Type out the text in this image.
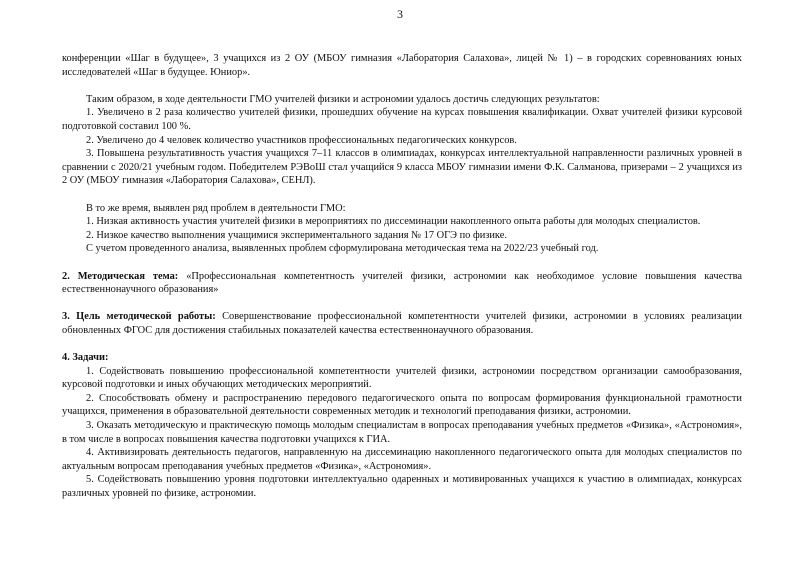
3

конференции «Шаг в будущее», 3 учащихся из 2 ОУ (МБОУ гимназия «Лаборатория Салахова», лицей № 1) – в городских соревнованиях юных исследователей «Шаг в будущее. Юниор».

Таким образом, в ходе деятельности ГМО учителей физики и астрономии удалось достичь следующих результатов:

1. Увеличено в 2 раза количество учителей физики, прошедших обучение на курсах повышения квалификации. Охват учителей физики курсовой подготовкой составил 100 %.

2. Увеличено до 4 человек количество участников профессиональных педагогических конкурсов.

3. Повышена результативность участия учащихся 7–11 классов в олимпиадах, конкурсах интеллектуальной направленности различных уровней в сравнении с 2020/21 учебным годом. Победителем РЭВоШ стал учащийся 9 класса МБОУ гимназии имени Ф.К. Салманова, призерами – 2 учащихся из 2 ОУ (МБОУ гимназия «Лаборатория Салахова», СЕНЛ).

В то же время, выявлен ряд проблем в деятельности ГМО:

1. Низкая активность участия учителей физики в мероприятиях по диссеминации накопленного опыта работы для молодых специалистов.

2. Низкое качество выполнения учащимися экспериментального задания № 17 ОГЭ по физике.

С учетом проведенного анализа, выявленных проблем сформулирована методическая тема на 2022/23 учебный год.

2. Методическая тема: «Профессиональная компетентность учителей физики, астрономии как необходимое условие повышения качества естественнонаучного образования»

3. Цель методической работы: Совершенствование профессиональной компетентности учителей физики, астрономии в условиях реализации обновленных ФГОС для достижения стабильных показателей качества естественнонаучного образования.

4. Задачи:

1. Содействовать повышению профессиональной компетентности учителей физики, астрономии посредством организации самообразования, курсовой подготовки и иных обучающих методических мероприятий.

2. Способствовать обмену и распространению передового педагогического опыта по вопросам формирования функциональной грамотности учащихся, применения в образовательной деятельности современных методик и технологий преподавания физики, астрономии.

3. Оказать методическую и практическую помощь молодым специалистам в вопросах преподавания учебных предметов «Физика», «Астрономия», в том числе в вопросах повышения качества подготовки учащихся к ГИА.

4. Активизировать деятельность педагогов, направленную на диссеминацию накопленного педагогического опыта для молодых специалистов по актуальным вопросам преподавания учебных предметов «Физика», «Астрономия».

5. Содействовать повышению уровня подготовки интеллектуально одаренных и мотивированных учащихся к участию в олимпиадах, конкурсах различных уровней по физике, астрономии.
